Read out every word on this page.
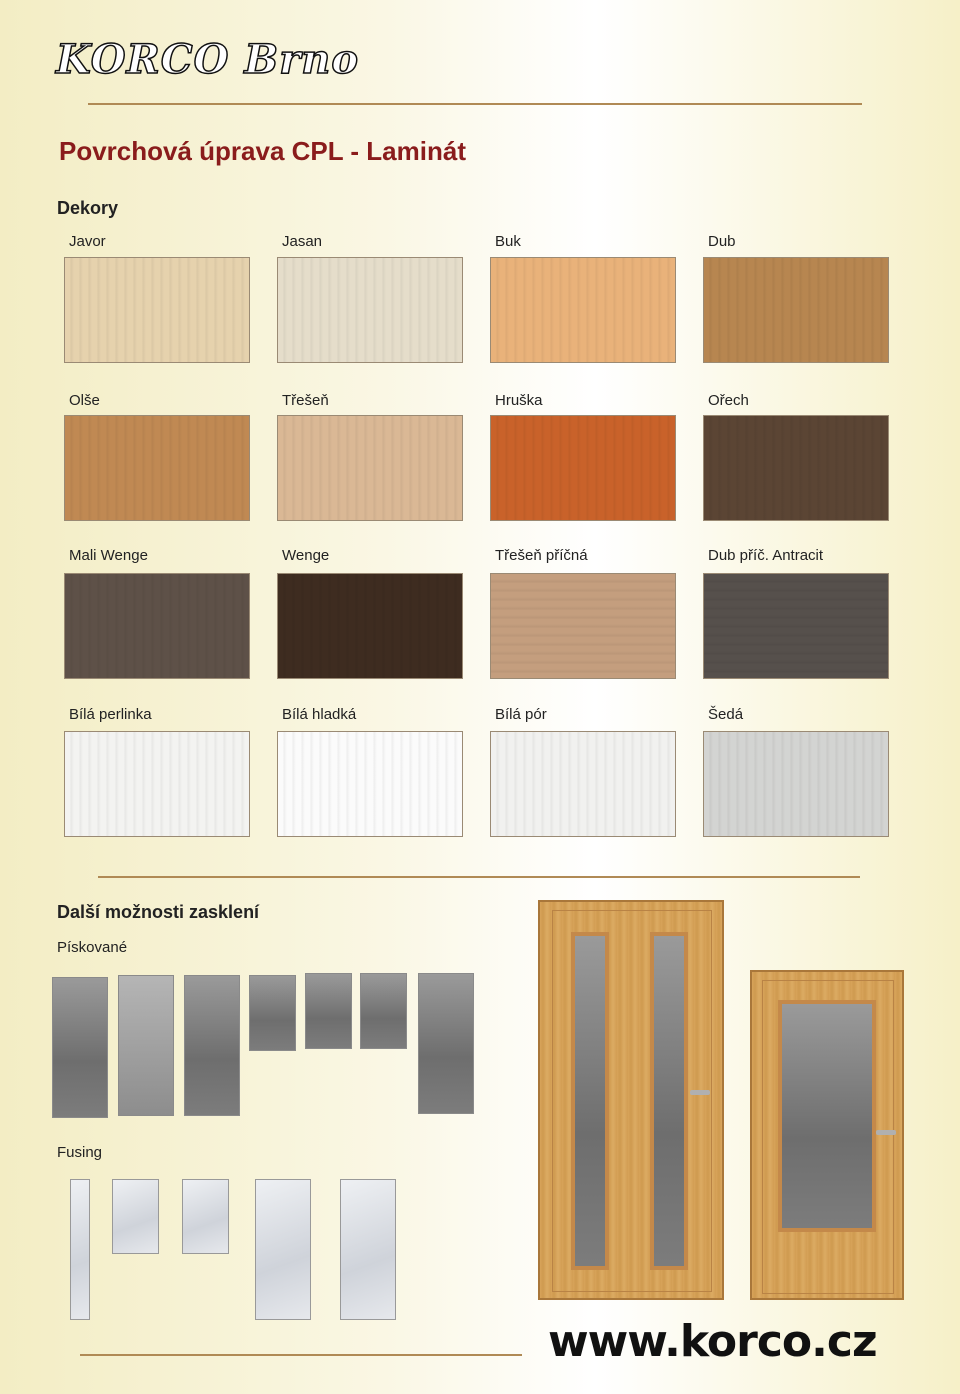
KORCO Brno
Povrchová úprava CPL - Laminát
Dekory
Javor	Jasan	Buk	Dub
Olše	Třešeň	Hruška	Ořech
Mali Wenge	Wenge	Třešeň příčná	Dub příč. Antracit
Bílá perlinka	Bílá hladká	Bílá pór	Šedá
Další možnosti zasklení
Pískované
Fusing
www.korco.cz
